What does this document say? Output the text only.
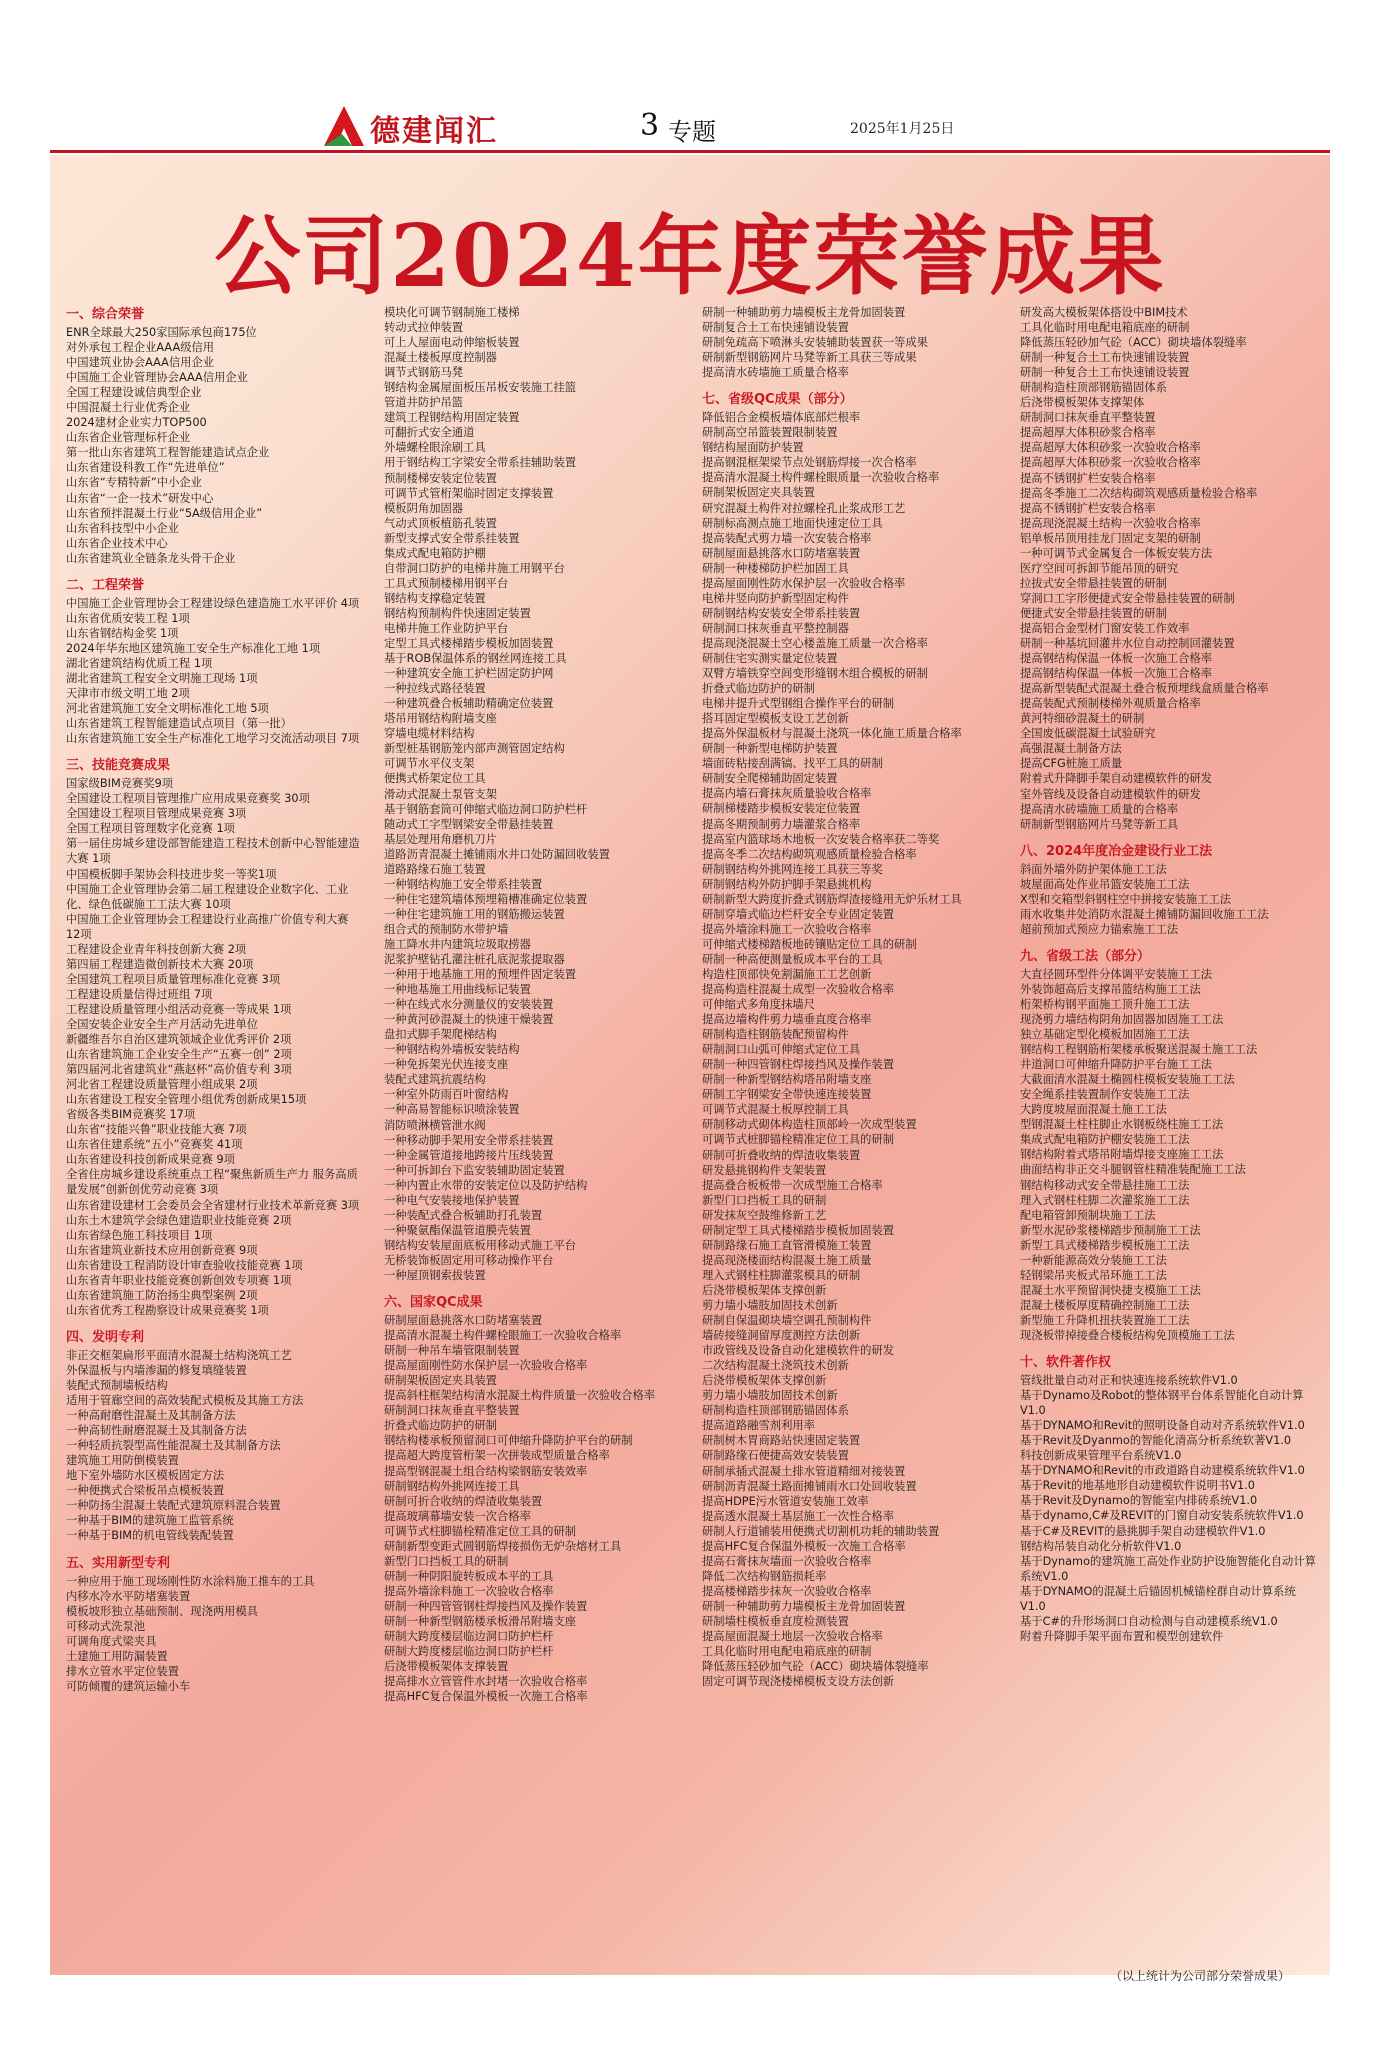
德建闻汇	3 专题	2025年1月25日
公司2024年度荣誉成果
一、综合荣誉
ENR全球最大250家国际承包商175位
对外承包工程企业AAA级信用
中国建筑业协会AAA信用企业
中国施工企业管理协会AAA信用企业
全国工程建设诚信典型企业
中国混凝土行业优秀企业
2024建材企业实力TOP500
山东省企业管理标杆企业
第一批山东省建筑工程智能建造试点企业
山东省建设科教工作“先进单位”
山东省“专精特新”中小企业
山东省“一企一技术”研发中心
山东省预拌混凝土行业“5A级信用企业”
山东省科技型中小企业
山东省企业技术中心
山东省建筑业全链条龙头骨干企业
二、工程荣誉
中国施工企业管理协会工程建设绿色建造施工水平评价 4项
山东省优质安装工程 1项
山东省钢结构金奖 1项
2024年华东地区建筑施工安全生产标准化工地 1项
湖北省建筑结构优质工程 1项
湖北省建筑工程安全文明施工现场 1项
天津市市级文明工地 2项
河北省建筑施工安全文明标准化工地 5项
山东省建筑工程智能建造试点项目（第一批）
山东省建筑施工安全生产标准化工地学习交流活动项目 7项
三、技能竞赛成果
国家级BIM竞赛奖9项
全国建设工程项目管理推广应用成果竞赛奖 30项
全国建设工程项目管理成果竞赛 3项
全国工程项目管理数字化竞赛 1项
第一届住房城乡建设部智能建造工程技术创新中心智能建造大赛 1项
中国模板脚手架协会科技进步奖一等奖1项
中国施工企业管理协会第二届工程建设企业数字化、工业化、绿色低碳施工工法大赛 10项
中国施工企业管理协会工程建设行业高推广价值专利大赛 12项
工程建设企业青年科技创新大赛 2项
第四届工程建造微创新技术大赛 20项
全国建筑工程项目质量管理标准化竞赛 3项
工程建设质量信得过班组 7项
工程建设质量管理小组活动竞赛一等成果 1项
全国安装企业安全生产月活动先进单位
新疆维吾尔自治区建筑领域企业优秀评价 2项
山东省建筑施工企业安全生产“五赛一创” 2项
第四届河北省建筑业“燕赵杯”高价值专利 3项
河北省工程建设质量管理小组成果 2项
山东省建设工程安全管理小组优秀创新成果15项
省级各类BIM竞赛奖 17项
山东省“技能兴鲁”职业技能大赛 7项
山东省住建系统“五小”竞赛奖 41项
山东省建设科技创新成果竞赛 9项
全省住房城乡建设系统重点工程“聚焦新质生产力 服务高质量发展”创新创优劳动竞赛 3项
山东省建设建材工会委员会全省建材行业技术革新竞赛 3项
山东土木建筑学会绿色建造职业技能竞赛 2项
山东省绿色施工科技项目 1项
山东省建筑业新技术应用创新竞赛 9项
山东省建设工程消防设计审查验收技能竞赛 1项
山东省青年职业技能竞赛创新创效专项赛 1项
山东省建筑施工防治扬尘典型案例 2项
山东省优秀工程勘察设计成果竞赛奖 1项
四、发明专利
非正交框架扁形平面清水混凝土结构浇筑工艺
外保温板与内墙渗漏的修复填缝装置
装配式预制墙板结构
适用于管廊空间的高效装配式模板及其施工方法
一种高耐磨性混凝土及其制备方法
一种高韧性耐磨混凝土及其制备方法
一种轻质抗裂型高性能混凝土及其制备方法
建筑施工用防倒模装置
地下室外墙防水区模板固定方法
一种便携式合梁板吊点模板装置
一种防扬尘混凝土装配式建筑原料混合装置
一种基于BIM的建筑施工监管系统
一种基于BIM的机电管线装配装置
五、实用新型专利
一种应用于施工现场刚性防水涂料施工推车的工具
内移水冷水平防堵塞装置
模板坡形独立基础预制、现浇两用模具
可移动式洗泵池
可调角度式梁夹具
土建施工用防漏装置
排水立管水平定位装置
可防倾覆的建筑运输小车
模块化可调节钢制施工楼梯
转动式拉伸装置
可上人屋面电动伸缩板装置
混凝土楼板厚度控制器
调节式钢筋马凳
钢结构金属屋面板压吊板安装施工挂篮
管道井防护吊篮
建筑工程钢结构用固定装置
可翻折式安全通道
外墙螺栓眼涂刷工具
用于钢结构工字梁安全带系挂辅助装置
预制楼梯安装定位装置
可调节式管桁架临时固定支撑装置
模板阴角加固器
气动式顶板植筋孔装置
新型支撑式安全带系挂装置
集成式配电箱防护棚
自带洞口防护的电梯井施工用钢平台
工具式预制楼梯用钢平台
钢结构支撑稳定装置
钢结构预制构件快速固定装置
电梯井施工作业防护平台
定型工具式楼梯踏步模板加固装置
基于ROB保温体系的钢丝网连接工具
一种建筑安全施工护栏固定防护网
一种拉线式路径装置
一种建筑叠合板辅助精确定位装置
塔吊用钢结构附墙支座
穿墙电缆材料结构
新型桩基钢筋笼内部声测管固定结构
可调节水平仪支架
便携式桥架定位工具
滑动式混凝土泵管支架
基于钢筋套筒可伸缩式临边洞口防护栏杆
随动式工字型钢梁安全带悬挂装置
基层处理用角磨机刀片
道路沥青混凝土摊铺雨水井口处防漏回收装置
道路路缘石施工装置
一种钢结构施工安全带系挂装置
一种住宅建筑墙体预埋箱槽准确定位装置
一种住宅建筑施工用的钢筋搬运装置
组合式的预制防水带护墙
施工降水井内建筑垃圾取捞器
泥浆护壁钻孔灌注桩孔底泥浆提取器
一种用于地基施工用的预埋件固定装置
一种地基施工用曲线标记装置
一种在线式水分测量仪的安装装置
一种黄河砂混凝土的快速干燥装置
盘扣式脚手架爬梯结构
一种钢结构外墙板安装结构
一种免拆架光伏连接支座
装配式建筑抗震结构
一种室外防雨百叶窗结构
一种高易智能标识喷涂装置
消防喷淋横管泄水阀
一种移动脚手架用安全带系挂装置
一种金属管道接地跨接片压线装置
一种可拆卸台下监安装辅助固定装置
一种内置止水带的安装定位以及防护结构
一种电气安装接地保护装置
一种装配式叠合板辅助打孔装置
一种聚氨酯保温管道膜壳装置
钢结构安装屋面底板用移动式施工平台
无桥装饰板固定用可移动操作平台
一种屋顶钢索拔装置
六、国家QC成果
研制屋面悬挑落水口防堵塞装置
提高清水混凝土构件螺栓眼施工一次验收合格率
研制一种吊车墙管限制装置
提高屋面刚性防水保护层一次验收合格率
研制架板固定夹具装置
提高斜柱框架结构清水混凝土构件质量一次验收合格率
研制洞口抹灰垂直平整装置
折叠式临边防护的研制
钢结构楼承板预留洞口可伸缩升降防护平台的研制
提高超大跨度管桁架一次拼装成型质量合格率
提高型钢混凝土组合结构梁钢筋安装效率
研制钢结构外挑网连接工具
研制可折合收纳的焊渣收集装置
提高玻璃幕墙安装一次合格率
可调节式柱脚锚栓精准定位工具的研制
研制新型变距式圆钢筋焊接损伤无炉杂熔材工具
新型门口挡板工具的研制
研制一种阴阳旋转板成本平的工具
提高外墙涂料施工一次验收合格率
研制一种四管管钢柱焊接挡风及操作装置
研制一种新型钢筋楼承板滑吊附墙支座
研制大跨度楼层临边洞口防护栏杆
研制大跨度楼层临边洞口防护栏杆
后浇带模板架体支撑装置
提高排水立管管件水封堵一次验收合格率
提高HFC复合保温外模板一次施工合格率
研制一种辅助剪力墙模板主龙骨加固装置
研制复合土工布快速铺设装置
研制免疏高下喷淋头安装辅助装置获一等成果
研制新型钢筋网片马凳等新工具获三等成果
提高清水砖墙施工质量合格率
七、省级QC成果（部分）
降低铝合金模板墙体底部烂根率
研制高空吊篮装置限制装置
钢结构屋面防护装置
提高钢混框架梁节点处钢筋焊接一次合格率
提高清水混凝土构件螺栓眼质量一次验收合格率
研制架板固定夹具装置
研究混凝土构件对拉螺栓孔止浆成形工艺
研制标高测点施工地面快速定位工具
提高装配式剪力墙一次安装合格率
研制屋面悬挑落水口防堵塞装置
研制一种楼梯防护栏加固工具
提高屋面刚性防水保护层一次验收合格率
电梯井竖向防护新型固定构件
研制钢结构安装安全带系挂装置
研制洞口抹灰垂直平整控制器
提高现浇混凝土空心楼盖施工质量一次合格率
研制住宅实测实量定位装置
双臂方墙铁穿空间变形缝钢木组合模板的研制
折叠式临边防护的研制
电梯井提升式型钢组合操作平台的研制
搭耳固定型模板支设工艺创新
提高外保温板材与混凝土浇筑一体化施工质量合格率
研制一种新型电梯防护装置
墙面砖粘接刮满镐、找平工具的研制
研制安全爬梯辅助固定装置
提高内墙石膏抹灰质量验收合格率
研制梯楼踏步模板安装定位装置
提高冬期预制剪力墙灌浆合格率
提高室内篮球场木地板一次安装合格率获二等奖
提高冬季二次结构砌筑观感质量检验合格率
研制钢结构外挑网连接工具获三等奖
研制钢结构外防护脚手架悬挑机构
研制新型大跨度折叠式钢筋焊渣接缝用无炉乐材工具
研制穿墙式临边栏杆安全专业固定装置
提高外墙涂料施工一次验收合格率
可伸缩式楼梯踏板地砖镶贴定位工具的研制
研制一种高便测量板成本平台的工具
构造柱顶部快免割漏施工工艺创新
提高构造柱混凝土成型一次验收合格率
可伸缩式多角度抹墙尺
提高边墙构件剪力墙垂直度合格率
研制构造柱钢筋装配预留构件
研制洞口山弧可伸缩式定位工具
研制一种四管钢柱焊接挡风及操作装置
研制一种新型钢结构塔吊附墙支座
研制工字钢梁安全带快速连接装置
可调节式混凝土板厚控制工具
研制移动式砌体构造柱顶部岭一次成型装置
可调节式桩脚锚栓精准定位工具的研制
研制可折叠收纳的焊渣收集装置
研发悬挑钢构件支架装置
提高叠合板板带一次成型施工合格率
新型门口挡板工具的研制
研发抹灰空鼓维修新工艺
研制定型工具式楼梯踏步模板加固装置
研制路缘石施工直管滑模施工装置
提高现浇楼面结构混凝土施工质量
理入式钢柱柱脚灌浆模具的研制
后浇带模板架体支撑创新
剪力墙小墙肢加固技术创新
研制自保温砌块墙空调孔预制构件
墙砖接缝洞留厚度测控方法创新
市政管线及设备自动化建模软件的研发
二次结构混凝土浇筑技术创新
后浇带模板架体支撑创新
剪力墙小墙肢加固技术创新
研制构造柱顶部钢筋锚固体系
提高道路融雪剂利用率
研制树木胃商路站快速固定装置
研制路缘石便捷高效安装装置
研制承插式混凝土排水管道精细对接装置
研制沥青混凝土路面摊铺雨水口处回收装置
提高HDPE污水管道安装施工效率
提高透水混凝土基层施工一次性合格率
研制人行道铺装用便携式切割机功耗的辅助装置
提高HFC复合保温外模板一次施工合格率
提高石膏抹灰墙面一次验收合格率
降低二次结构钢筋损耗率
提高楼梯踏步抹灰一次验收合格率
研制一种辅助剪力墙模板主龙骨加固装置
研制墙柱模板垂直度检测装置
提高屋面混凝土地层一次验收合格率
工具化临时用电配电箱底座的研制
降低蒸压轻砂加气砼（ACC）砌块墙体裂缝率
固定可调节现浇楼梯模板支设方法创新
研发高大模板架体搭设中BIM技术
工具化临时用电配电箱底座的研制
降低蒸压轻砂加气砼（ACC）砌块墙体裂缝率
研制一种复合土工布快速铺设装置
研制一种复合土工布快速铺设装置
研制构造柱顶部钢筋锚固体系
后浇带模板架体支撑架体
研制洞口抹灰垂直平整装置
提高超厚大体积砂浆合格率
提高超厚大体积砂浆一次验收合格率
提高超厚大体积砂浆一次验收合格率
提高不锈钢扩栏安装合格率
提高冬季施工二次结构砌筑观感质量检验合格率
提高不锈钢扩栏安装合格率
提高现浇混凝土结构一次验收合格率
铝单板吊顶用挂龙门固定支架的研制
一种可调节式金属复合一体板安装方法
医疗空间可拆卸节能吊顶的研究
拉拔式安全带悬挂装置的研制
穿洞口工字形便捷式安全带悬挂装置的研制
便捷式安全带悬挂装置的研制
提高铝合金型材门窗安装工作效率
研制一种基坑回灌井水位自动控制回灌装置
提高钢结构保温一体板一次施工合格率
提高钢结构保温一体板一次施工合格率
提高新型装配式混凝土叠合板预埋线盒质量合格率
提高装配式预制楼梯外观质量合格率
黄河特细砂混凝土的研制
全国废低碳混凝土试验研究
高强混凝土制备方法
提高CFG桩施工质量
附着式升降脚手架自动建模软件的研发
室外管线及设备自动建模软件的研发
提高清水砖墙施工质量的合格率
研制新型钢筋网片马凳等新工具
八、2024年度冶金建设行业工法
斜面外墙外防护架体施工工法
坡屋面高处作业吊篮安装施工工法
X型和交箱型斜钢柱空中拼接安装施工工法
雨水收集井处消防水混凝土摊铺防漏回收施工工法
超前预加式预应力锚索施工工法
九、省级工法（部分）
大直径圆环型件分体调平安装施工工法
外装饰超高后支撑吊篮结构施工工法
桁架桥构钢平面施工顶升施工工法
现浇剪力墙结构阴角加固器加固施工工法
独立基础定型化模板加固施工工法
钢结构工程钢筋桁架楼承板聚送混凝土施工工法
井道洞口可伸缩升降防护平台施工工法
大截面清水混凝土椭圆柱模板安装施工工法
安全绳系挂装置制作安装施工工法
大跨度坡屋面混凝土施工工法
型钢混凝土柱柱脚止水钢板绕柱施工工法
集成式配电箱防护棚安装施工工法
钢结构附着式塔吊附墙焊接支座施工工法
曲面结构非正交斗腿钢管柱精准装配施工工法
钢结构移动式安全带悬挂施工工法
理入式钢柱柱脚二次灌浆施工工法
配电箱管卸预制块施工工法
新型水泥砂浆楼梯踏步预制施工工法
新型工具式楼梯踏步模板施工工法
一种新能源高效分装施工工法
轻钢梁吊夹板式吊环施工工法
混凝土水平预留洞快捷支模施工工法
混凝土楼板厚度精确控制施工工法
新型施工升降机扭扶装置施工工法
现浇板带掉接叠合楼板结构免顶模施工工法
十、软件著作权
管线批量自动对正和快速连接系统软件V1.0
基于Dynamo及Robot的整体钢平台体系智能化自动计算V1.0
基于DYNAMO和Revit的照明设备自动对齐系统软件V1.0
基于Revit及Dyanmo的智能化清高分析系统软著V1.0
科技创新成果管理平台系统V1.0
基于DYNAMO和Revit的市政道路自动建模系统软件V1.0
基于Revit的地基地形自动建模软件说明书V1.0
基于Revit及Dynamo的智能室内排砖系统V1.0
基于dynamo,C#及REVIT的门窗自动安装系统软件V1.0
基于C#及REVIT的悬挑脚手架自动建模软件V1.0
钢结构吊装自动化分析软件V1.0
基于Dynamo的建筑施工高处作业防护设施智能化自动计算系统V1.0
基于DYNAMO的混凝土后锚固机械锚栓群自动计算系统V1.0
基于C#的升形场洞口自动检测与自动建模系统V1.0
附着升降脚手架平面布置和模型创建软件
（以上统计为公司部分荣誉成果）
